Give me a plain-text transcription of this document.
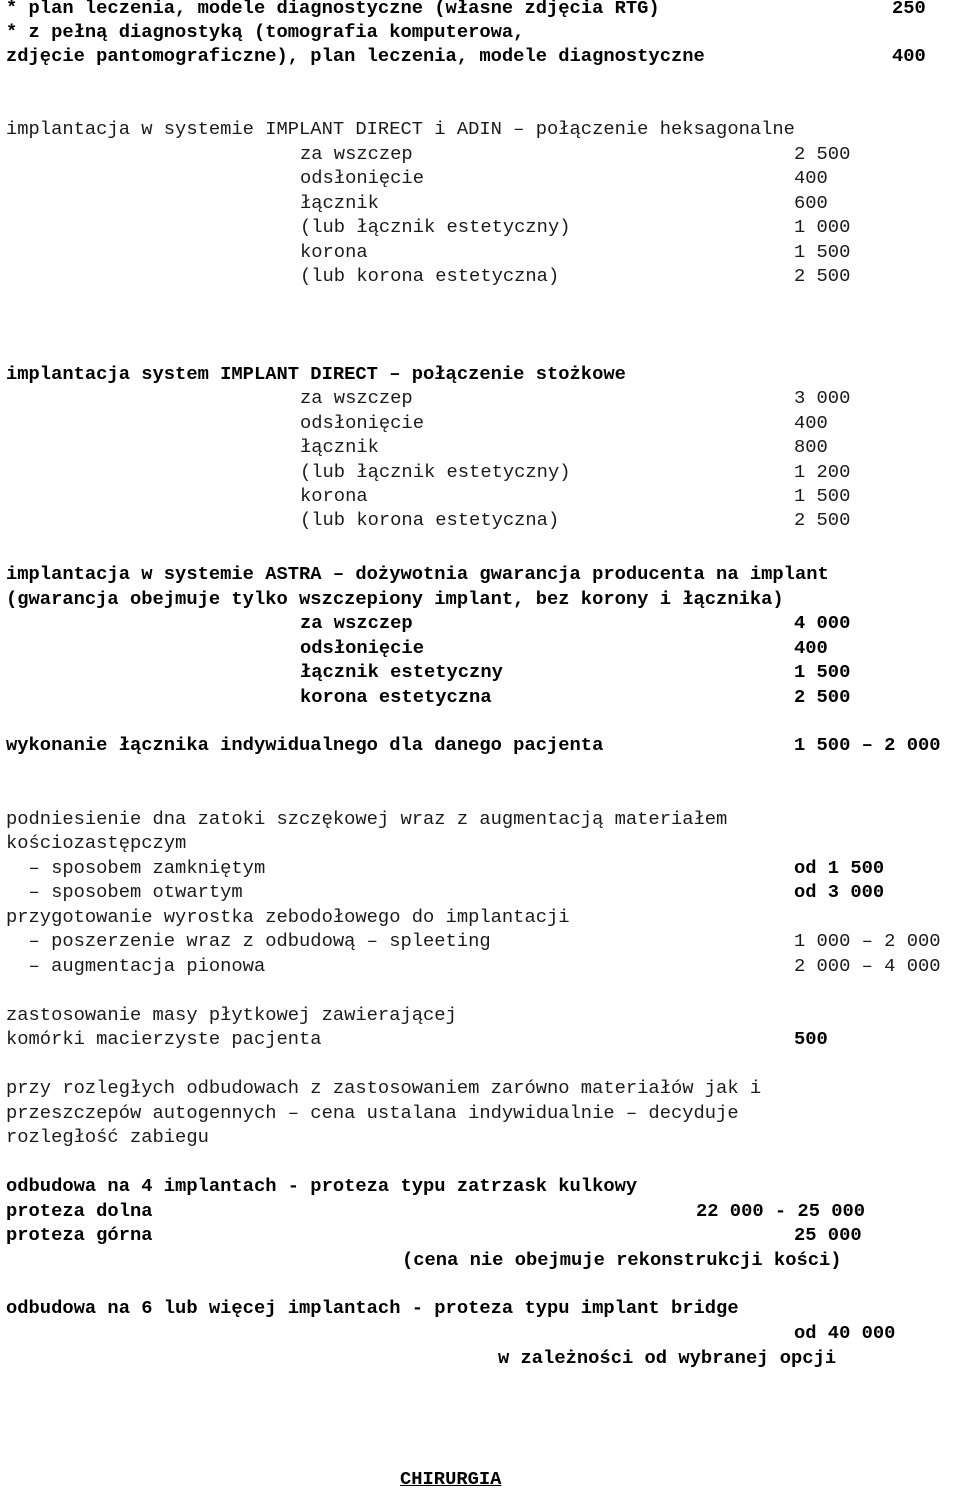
* plan leczenia, modele diagnostyczne (własne zdjęcia RTG)	250
* z pełną diagnostyką (tomografia komputerowa,
zdjęcie pantomograficzne), plan leczenia, modele diagnostyczne	400
implantacja w systemie IMPLANT DIRECT i ADIN – połączenie heksagonalne
za wszczep	2 500
odsłonięcie	400
łącznik	600
(lub łącznik estetyczny)	1 000
korona	1 500
(lub korona estetyczna)	2 500
implantacja system IMPLANT DIRECT – połączenie stożkowe
za wszczep	3 000
odsłonięcie	400
łącznik	800
(lub łącznik estetyczny)	1 200
korona	1 500
(lub korona estetyczna)	2 500
implantacja w systemie ASTRA – dożywotnia gwarancja producenta na implant
(gwarancja obejmuje tylko wszczepiony implant, bez korony i łącznika)
za wszczep	4 000
odsłonięcie	400
łącznik estetyczny	1 500
korona estetyczna	2 500
wykonanie łącznika indywidualnego dla danego pacjenta	1 500 – 2 000
podniesienie dna zatoki szczękowej wraz z augmentacją materiałem
kościozastępczym
– sposobem zamkniętym	od 1 500
– sposobem otwartym	od 3 000
przygotowanie wyrostka zebodołowego do implantacji
– poszerzenie wraz z odbudową – spleeting	1 000 – 2 000
– augmentacja pionowa	2 000 – 4 000
zastosowanie masy płytkowej zawierającej
komórki macierzyste pacjenta	500
przy rozległych odbudowach z zastosowaniem zarówno materiałów jak i
przeszczepów autogennych – cena ustalana indywidualnie – decyduje
rozległość zabiegu
odbudowa na 4 implantach - proteza typu zatrzask kulkowy
proteza dolna	22 000 - 25 000
proteza górna	25 000
(cena nie obejmuje rekonstrukcji kości)
odbudowa na 6 lub więcej implantach - proteza typu implant bridge
od 40 000
w zależności od wybranej opcji
CHIRURGIA
